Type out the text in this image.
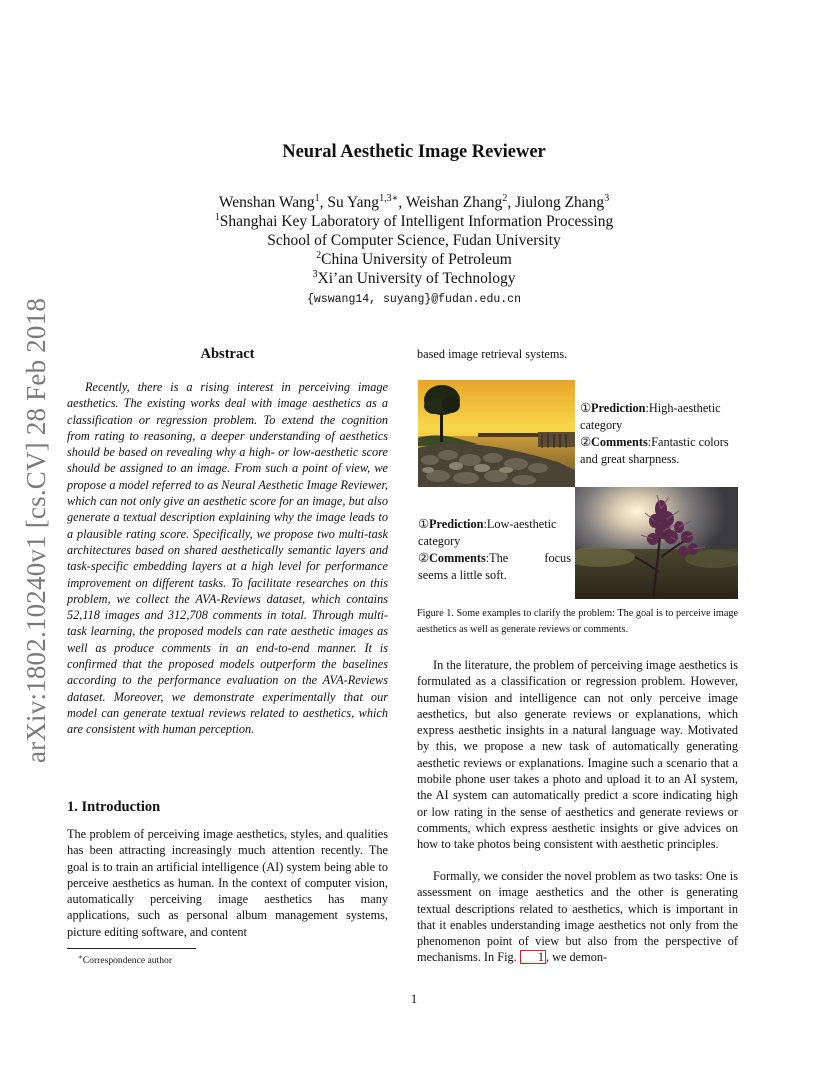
arXiv:1802.10240v1 [cs.CV] 28 Feb 2018
Neural Aesthetic Image Reviewer
Wenshan Wang$^1$, Su Yang$^{1,3∗}$, Weishan Zhang$^2$, Jiulong Zhang$^3$
$^1$Shanghai Key Laboratory of Intelligent Information Processing
School of Computer Science, Fudan University
$^2$China University of Petroleum
$^3$Xi’an University of Technology
{wswang14, suyang}@fudan.edu.cn
Abstract
Recently, there is a rising interest in perceiving image aesthetics. The existing works deal with image aesthetics as a classification or regression problem. To extend the cognition from rating to reasoning, a deeper understanding of aesthetics should be based on revealing why a high- or low-aesthetic score should be assigned to an image. From such a point of view, we propose a model referred to as Neural Aesthetic Image Reviewer, which can not only give an aesthetic score for an image, but also generate a textual description explaining why the image leads to a plausible rating score. Specifically, we propose two multi-task architectures based on shared aesthetically semantic layers and task-specific embedding layers at a high level for performance improvement on different tasks. To facilitate researches on this problem, we collect the AVA-Reviews dataset, which contains 52,118 images and 312,708 comments in total. Through multi-task learning, the proposed models can rate aesthetic images as well as produce comments in an end-to-end manner. It is confirmed that the proposed models outperform the baselines according to the performance evaluation on the AVA-Reviews dataset. Moreover, we demonstrate experimentally that our model can generate textual reviews related to aesthetics, which are consistent with human perception.
1. Introduction
The problem of perceiving image aesthetics, styles, and qualities has been attracting increasingly much attention recently. The goal is to train an artificial intelligence (AI) system being able to perceive aesthetics as human. In the context of computer vision, automatically perceiving image aesthetics has many applications, such as personal album management systems, picture editing software, and content
∗Correspondence author
based image retrieval systems.
①Prediction:High-aesthetic category
②Comments:Fantastic colors and great sharpness.
①Prediction:Low-aesthetic category
②Comments:The	focus
seems a little soft.
Figure 1. Some examples to clarify the problem: The goal is to perceive image aesthetics as well as generate reviews or comments.
In the literature, the problem of perceiving image aesthetics is formulated as a classification or regression problem. However, human vision and intelligence can not only perceive image aesthetics, but also generate reviews or explanations, which express aesthetic insights in a natural language way. Motivated by this, we propose a new task of automatically generating aesthetic reviews or explanations. Imagine such a scenario that a mobile phone user takes a photo and upload it to an AI system, the AI system can automatically predict a score indicating high or low rating in the sense of aesthetics and generate reviews or comments, which express aesthetic insights or give advices on how to take photos being consistent with aesthetic principles.
Formally, we consider the novel problem as two tasks: One is assessment on image aesthetics and the other is generating textual descriptions related to aesthetics, which is important in that it enables understanding image aesthetics not only from the phenomenon point of view but also from the perspective of mechanisms. In Fig. 1 , we demon-
1
